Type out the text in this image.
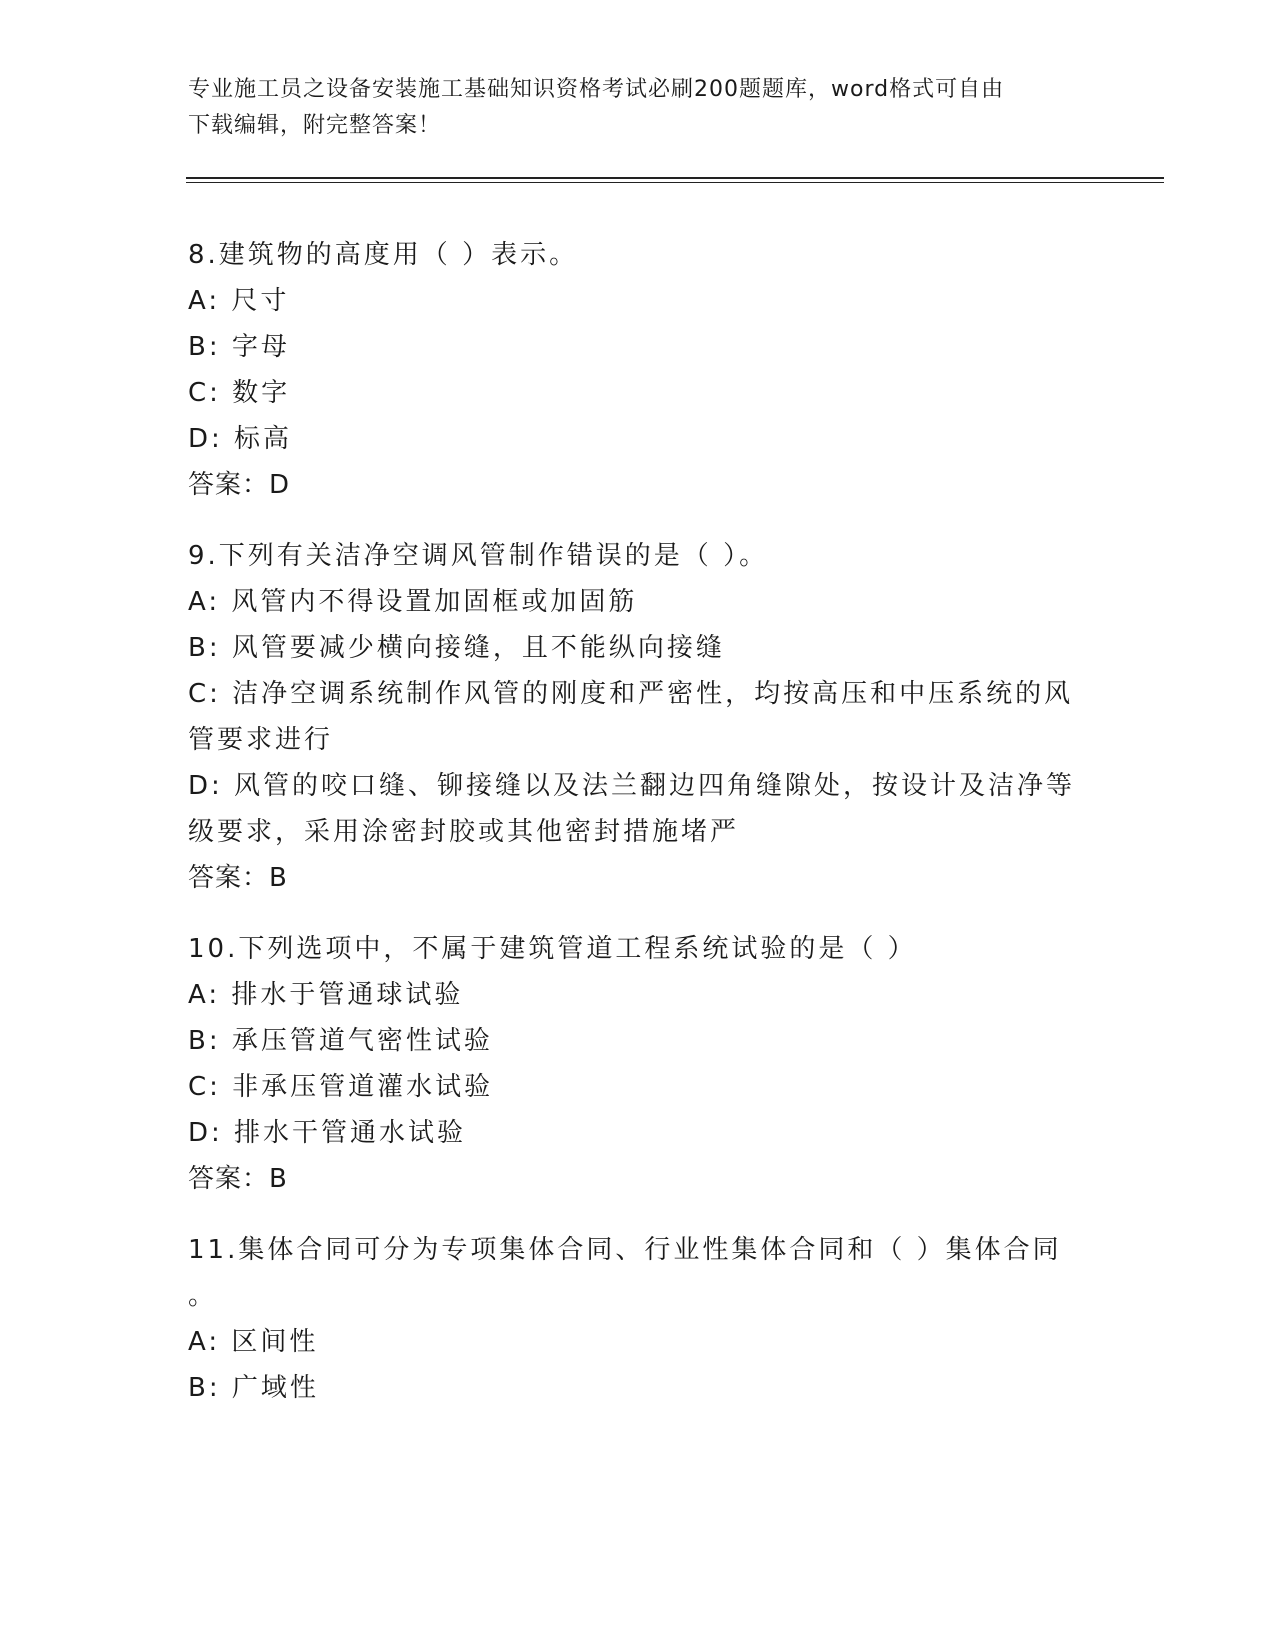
专业施工员之设备安装施工基础知识资格考试必刷200题题库，word格式可自由
下载编辑，附完整答案！
8.建筑物的高度用（ ）表示。
A: 尺寸
B: 字母
C: 数字
D: 标高
答案：D
9.下列有关洁净空调风管制作错误的是（ ）。
A: 风管内不得设置加固框或加固筋
B: 风管要减少横向接缝，且不能纵向接缝
C: 洁净空调系统制作风管的刚度和严密性，均按高压和中压系统的风
管要求进行
D: 风管的咬口缝、铆接缝以及法兰翻边四角缝隙处，按设计及洁净等
级要求，采用涂密封胶或其他密封措施堵严
答案：B
10.下列选项中，不属于建筑管道工程系统试验的是（ ）
A: 排水于管通球试验
B: 承压管道气密性试验
C: 非承压管道灌水试验
D: 排水干管通水试验
答案：B
11.集体合同可分为专项集体合同、行业性集体合同和（ ）集体合同
。
A: 区间性
B: 广域性
